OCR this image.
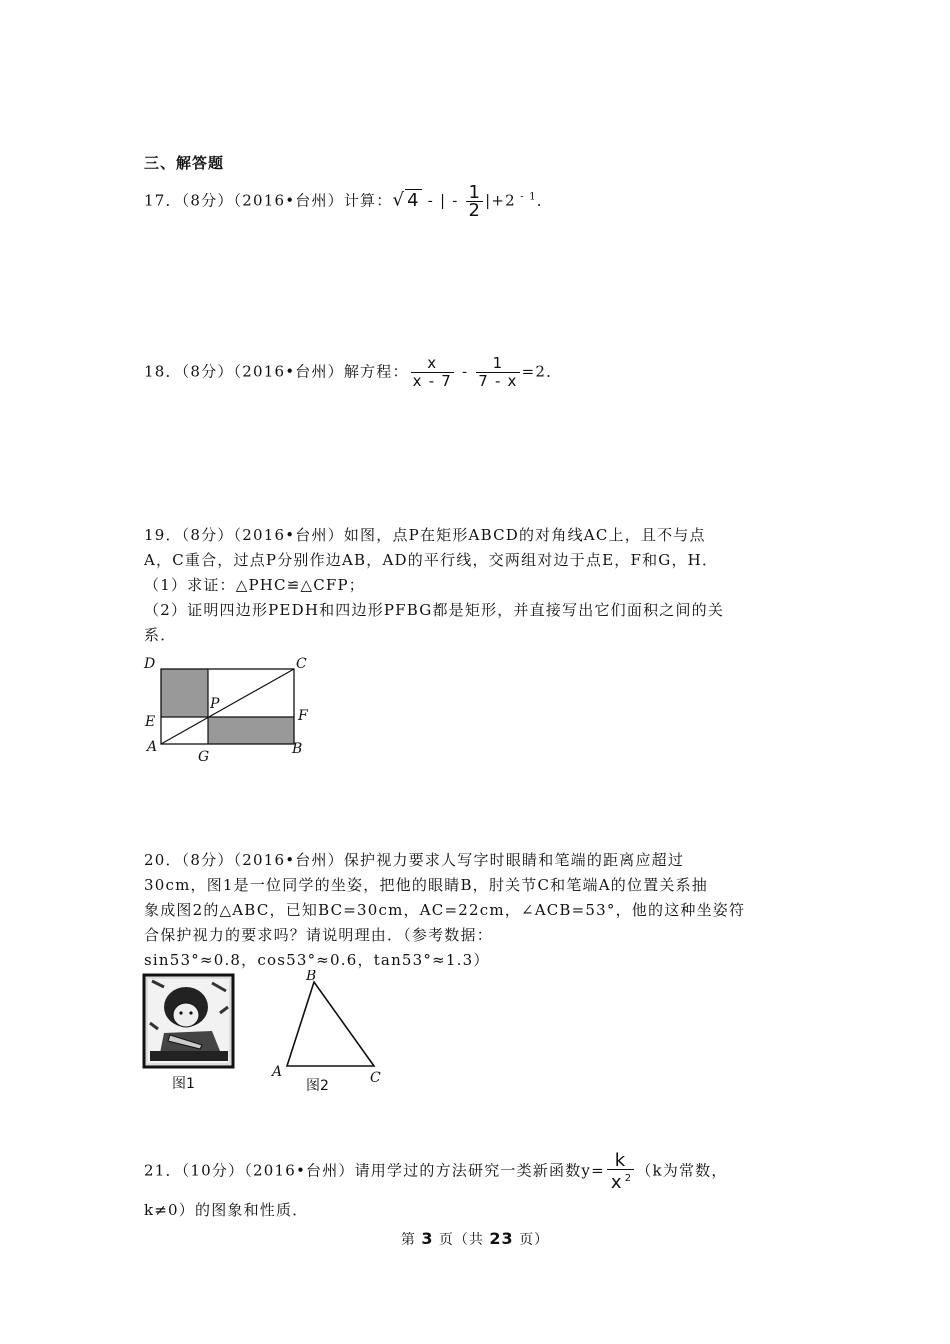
三、解答题
17．（8分）（2016•台州）计算：√ 4 - | - $\frac{1}{2} |+2$ $^{- 1}$．
18．（8分）（2016•台州）解方程： $\frac{x}{x - 7} - \frac{1}{7 - x} =2$．
19．（8分）（2016•台州）如图，点P在矩形ABCD的对角线AC上，且不与点
A，C重合，过点P分别作边AB，AD的平行线，交两组对边于点E，F和G，H．
（1）求证：△PHC≌△CFP；
（2）证明四边形PEDH和四边形PFBG都是矩形，并直接写出它们面积之间的关
系．
D	C
P
E	F
A
G	B
20．（8分）（2016•台州）保护视力要求人写字时眼睛和笔端的距离应超过
30cm，图1是一位同学的坐姿，把他的眼睛B，肘关节C和笔端A的位置关系抽
象成图2的△ABC，已知BC=30cm，AC=22cm，∠ACB=53°，他的这种坐姿符
合保护视力的要求吗？请说明理由．（参考数据：
sin53°≈0.8，cos53°≈0.6，tan53°≈1.3）
图1
B
A	C
图2
21．（10分）（2016•台州）请用学过的方法研究一类新函数$y= \frac{k}{x ^2} (k$为常数，
k≠0）的图象和性质．
第 3 页（共 23 页）
